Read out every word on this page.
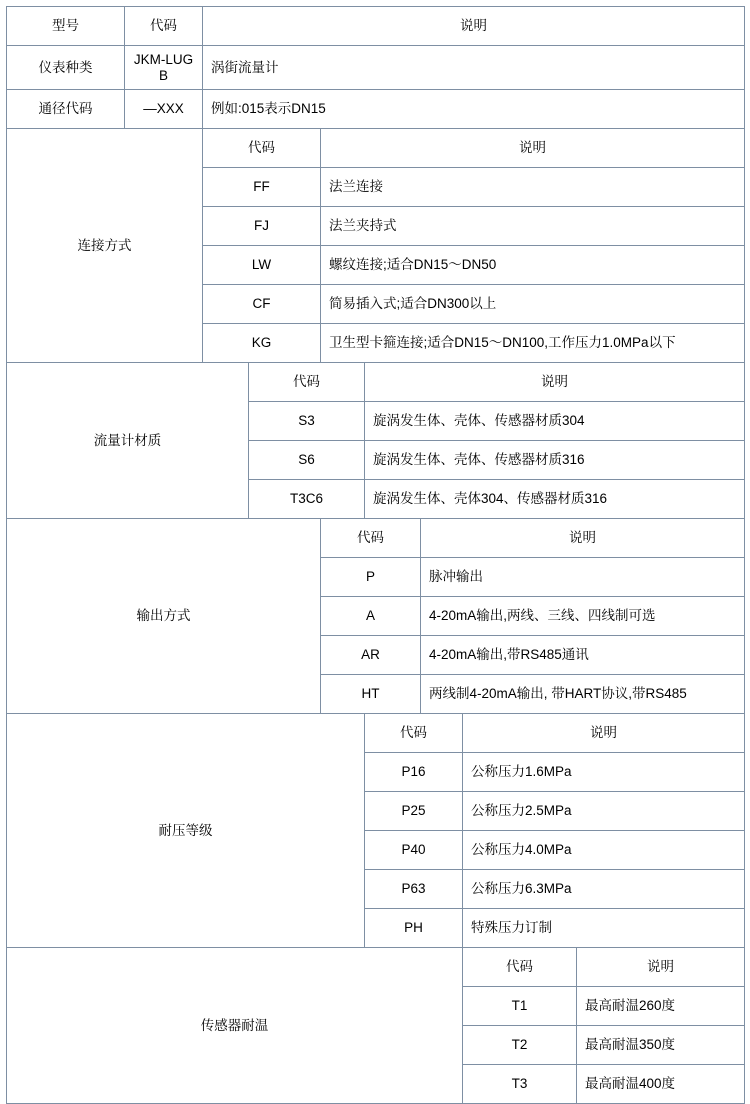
型号	代码	说明						
仪表种类	JKM-LUGB	涡街流量计						
通径代码	—XXX	例如:015表示DN15						
连接方式		代码		说明				
		FF		法兰连接				
		FJ		法兰夹持式				
		LW		螺纹连接;适合DN15～DN50				
		CF		简易插入式;适合DN300以上				
		KG		卫生型卡箍连接;适合DN15～DN100,工作压力1.0MPa以下				
流量计材质			代码		说明			
			S3		旋涡发生体、壳体、传感器材质304			
			S6		旋涡发生体、壳体、传感器材质316			
			T3C6		旋涡发生体、壳体304、传感器材质316			
输出方式				代码		说明		
				P		脉冲输出		
				A		4-20mA输出,两线、三线、四线制可选		
				AR		4-20mA输出,带RS485通讯		
				HT		两线制4-20mA输出, 带HART协议,带RS485		
耐压等级					代码		说明	
					P16		公称压力1.6MPa	
					P25		公称压力2.5MPa	
					P40		公称压力4.0MPa	
					P63		公称压力6.3MPa	
					PH		特殊压力订制	
传感器耐温							代码	说明
							T1	最高耐温260度
							T2	最高耐温350度
							T3	最高耐温400度
